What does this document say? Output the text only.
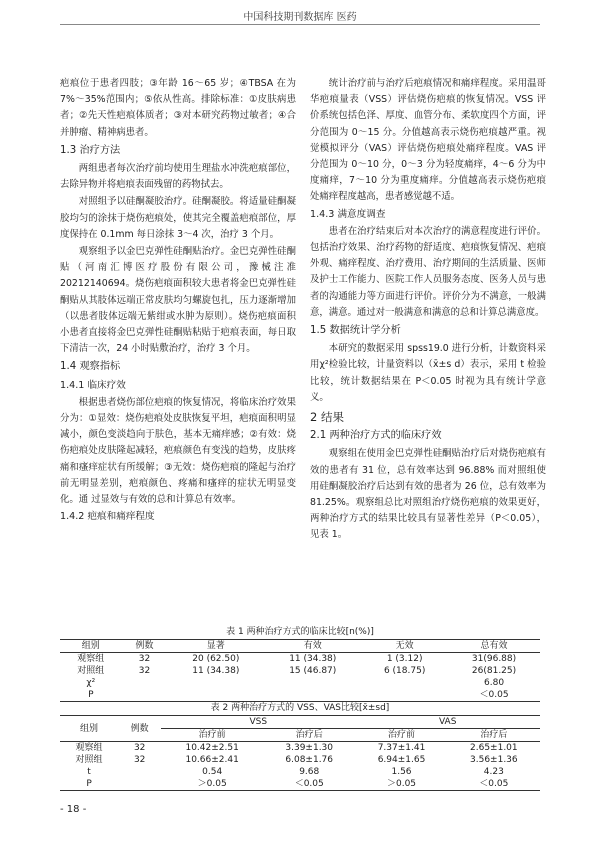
中国科技期刊数据库 医药

疤痕位于患者四肢；③年龄 16～65 岁；④TBSA 在为7%～35%范围内；⑤依从性高。排除标准：①皮肤病患者；②先天性疤痕体质者；③对本研究药物过敏者；④合并肿瘤、精神病患者。

1.3 治疗方法

两组患者每次治疗前均使用生理盐水冲洗疤痕部位，去除异物并将疤痕表面残留的药物拭去。

对照组予以硅酮凝胶治疗。硅酮凝胶。将适量硅酮凝胶均匀的涂抹于烧伤疤痕处，使其完全覆盖疤痕部位，厚度保持在 0.1mm 每日涂抹 3～4 次，治疗 3 个月。

观察组予以金巴克弹性硅酮贴治疗。金巴克弹性硅酮贴（河南汇博医疗股份有限公司，豫械注准20212140694。烧伤疤痕面积较大患者将金巴克弹性硅酮贴从其肢体远端正常皮肤均匀螺旋包扎，压力逐渐增加（以患者肢体远端无紫绀或水肿为原则）。烧伤疤痕面积小患者直接将金巴克弹性硅酮贴粘贴于疤痕表面，每日取下清洁一次，24 小时贴敷治疗，治疗 3 个月。

1.4 观察指标
1.4.1 临床疗效

根据患者烧伤部位疤痕的恢复情况，将临床治疗效果分为：①显效：烧伤疤痕处皮肤恢复平坦，疤痕面积明显减小，颜色变淡趋向于肤色，基本无痛痒感；②有效：烧伤疤痕处皮肤隆起减轻，疤痕颜色有变浅的趋势，皮肤疼痛和瘙痒症状有所缓解；③无效：烧伤疤痕的隆起与治疗前无明显差别，疤痕颜色、疼痛和瘙痒的症状无明显变化。通 过显效与有效的总和计算总有效率。

1.4.2 疤痕和痛痒程度

统计治疗前与治疗后疤痕情况和痛痒程度。采用温哥华疤痕量表（VSS）评估烧伤疤痕的恢复情况。VSS 评价系统包括色泽、厚度、血管分布、柔软度四个方面，评分范围为 0～15 分。分值越高表示烧伤疤痕越严重。视觉模拟评分（VAS）评估烧伤疤痕处痛痒程度。VAS 评分范围为 0～10 分，0～3 分为轻度痛痒，4～6 分为中度痛痒，7～10 分为重度痛痒。分值越高表示烧伤疤痕处痛痒程度越高，患者感觉越不适。

1.4.3 满意度调查

患者在治疗结束后对本次治疗的满意程度进行评价。包括治疗效果、治疗药物的舒适度、疤痕恢复情况、疤痕外观、痛痒程度、治疗费用、治疗期间的生活质量、医师及护士工作能力、医院工作人员服务态度、医务人员与患者的沟通能力等方面进行评价。评价分为不满意，一般满意，满意。通过对一般满意和满意的总和计算总满意度。

1.5 数据统计学分析

本研究的数据采用 spss19.0 进行分析，计数资料采用χ²检验比较，计量资料以（x̄±s d）表示，采用 t 检验比较，统计数据结果在 P＜0.05 时视为具有统计学意义。

2 结果
2.1 两种治疗方式的临床疗效

观察组在使用金巴克弹性硅酮贴治疗后对烧伤疤痕有效的患者有 31 位，总有效率达到 96.88% 而对照组使用硅酮凝胶治疗后达到有效的患者为 26 位，总有效率为 81.25%。观察组总比对照组治疗烧伤疤痕的效果更好，两种治疗方式的结果比较具有显著性差异（P＜0.05），见表 1。

表 1 两种治疗方式的临床比较[n(%)]
组别	例数	显著	有效	无效	总有效
观察组	32	20 (62.50)	11 (34.38)	1 (3.12)	31(96.88)
对照组	32	11 (34.38)	15 (46.87)	6 (18.75)	26(81.25)
χ²					6.80
P					＜0.05
表 2 两种治疗方式的 VSS、VAS比较[x̄±sd]
组别	例数	VSS		VAS	
		治疗前	治疗后	治疗前	治疗后
观察组	32	10.42±2.51	3.39±1.30	7.37±1.41	2.65±1.01
对照组	32	10.66±2.41	6.08±1.76	6.94±1.65	3.56±1.36
t		0.54	9.68	1.56	4.23
P		＞0.05	＜0.05	＞0.05	＜0.05
- 18 -
